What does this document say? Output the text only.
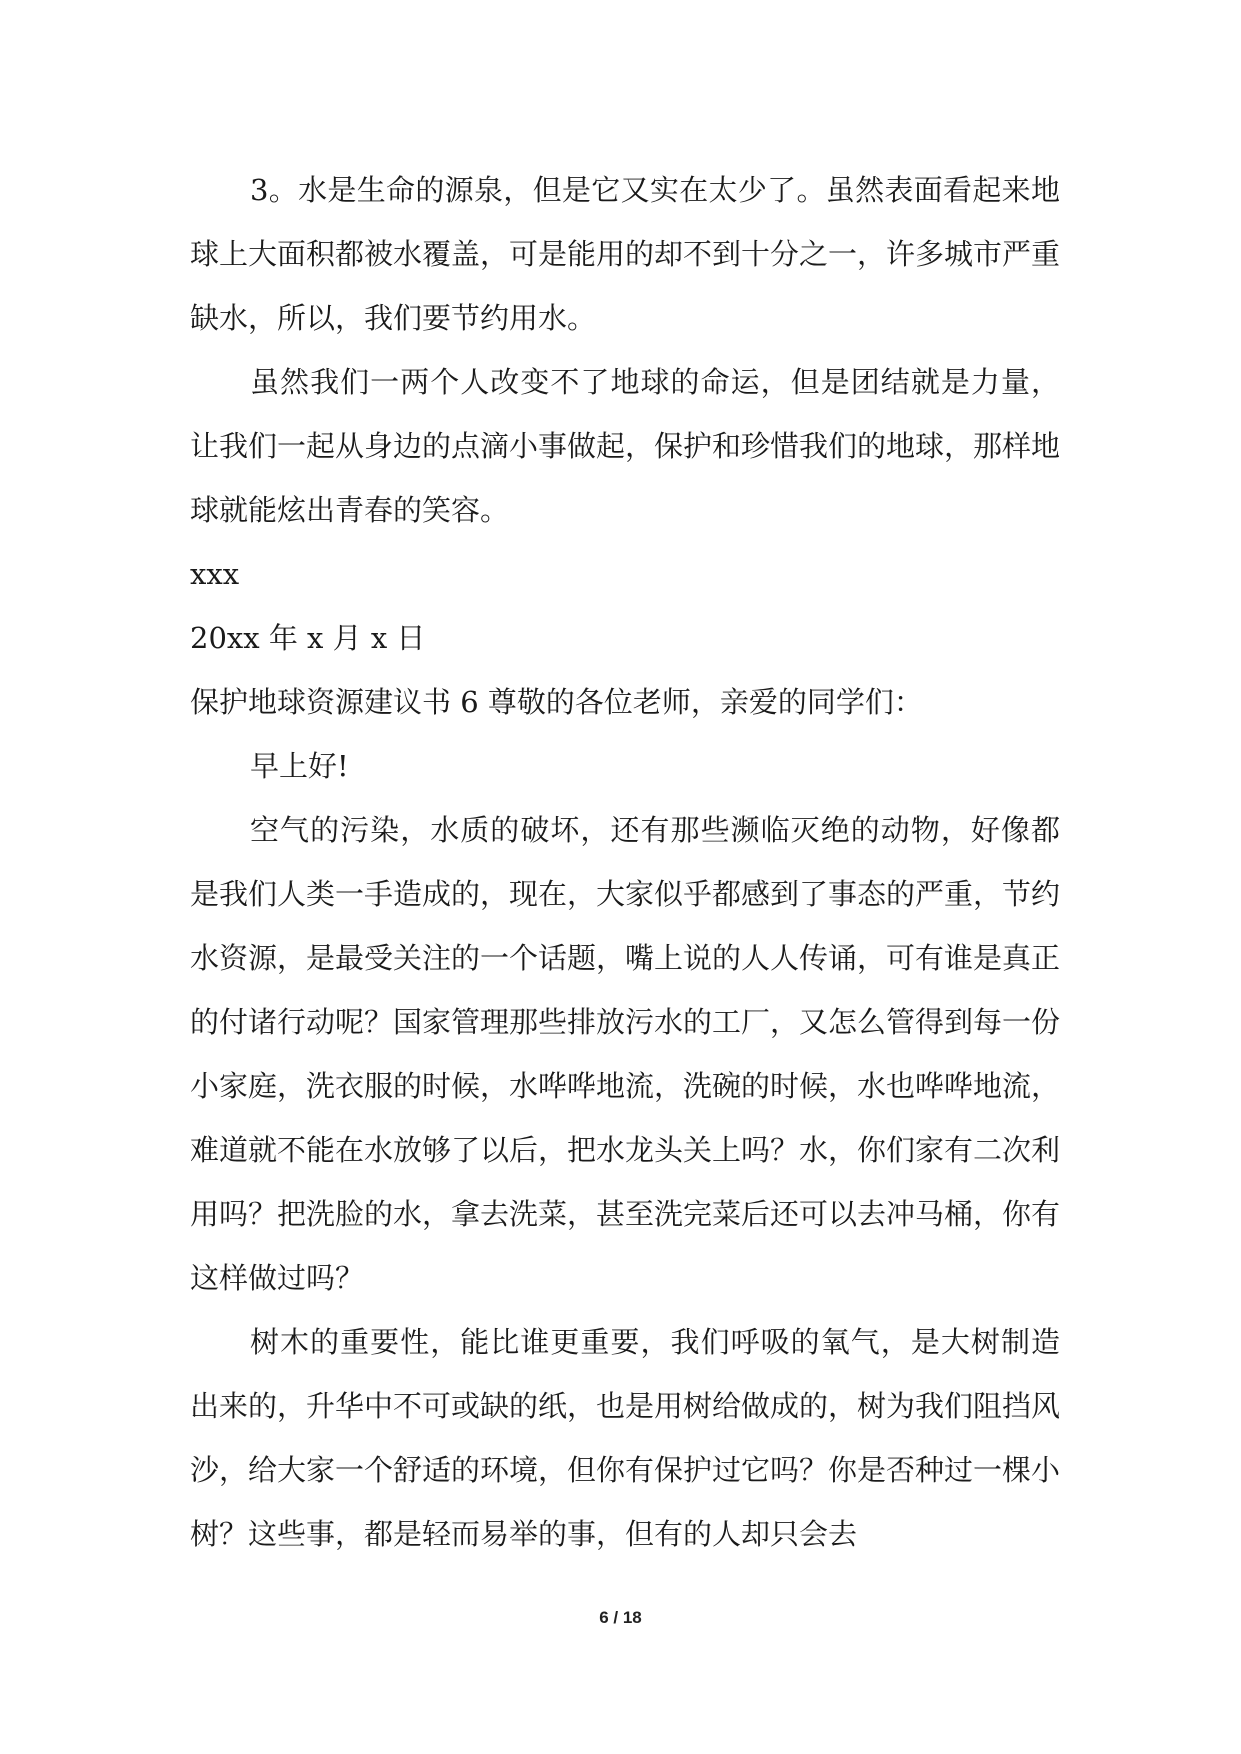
3。水是生命的源泉，但是它又实在太少了。虽然表面看起来地球上大面积都被水覆盖，可是能用的却不到十分之一，许多城市严重缺水，所以，我们要节约用水。

虽然我们一两个人改变不了地球的命运，但是团结就是力量，让我们一起从身边的点滴小事做起，保护和珍惜我们的地球，那样地球就能炫出青春的笑容。

xxx

20xx 年 x 月 x 日

保护地球资源建议书 6 尊敬的各位老师，亲爱的同学们：

早上好!

空气的污染，水质的破坏，还有那些濒临灭绝的动物，好像都是我们人类一手造成的，现在，大家似乎都感到了事态的严重，节约水资源，是最受关注的一个话题，嘴上说的人人传诵，可有谁是真正的付诸行动呢？国家管理那些排放污水的工厂，又怎么管得到每一份小家庭，洗衣服的时候，水哗哗地流，洗碗的时候，水也哗哗地流，难道就不能在水放够了以后，把水龙头关上吗？水，你们家有二次利用吗？把洗脸的水，拿去洗菜，甚至洗完菜后还可以去冲马桶，你有这样做过吗？

树木的重要性，能比谁更重要，我们呼吸的氧气，是大树制造出来的，升华中不可或缺的纸，也是用树给做成的，树为我们阻挡风沙，给大家一个舒适的环境，但你有保护过它吗？你是否种过一棵小树？这些事，都是轻而易举的事，但有的人却只会去

6 / 18
